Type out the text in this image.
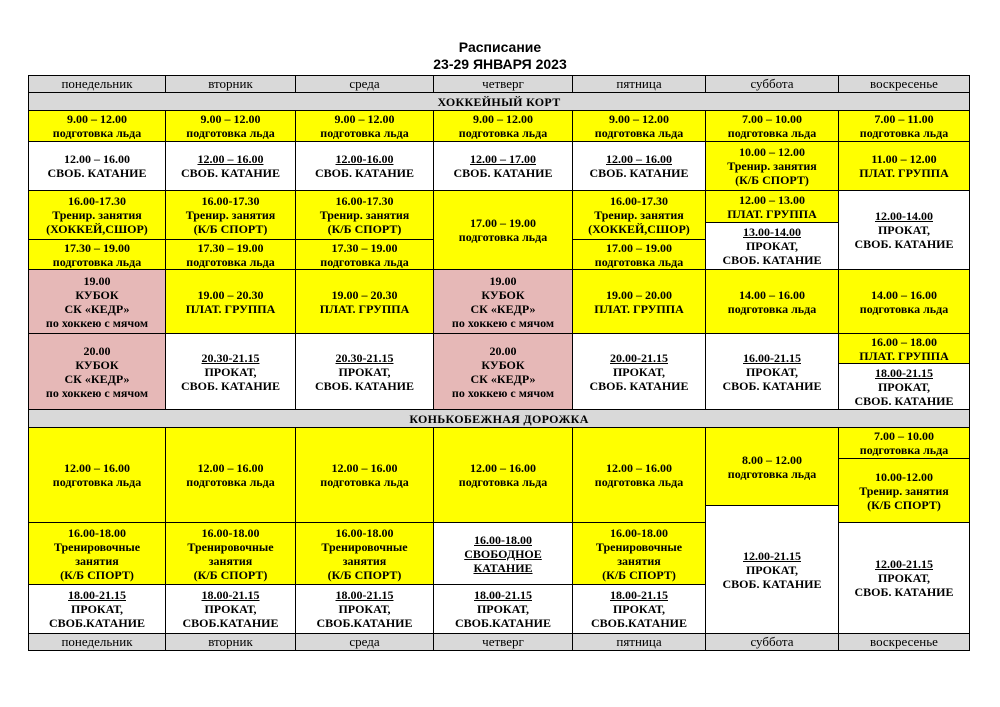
Расписание
23-29 ЯНВАРЯ 2023
понедельник	вторник	среда	четверг	пятница	суббота	воскресенье
ХОККЕЙНЫЙ КОРТ						

9.00 – 12.00
подготовка льда	9.00 – 12.00
подготовка льда	9.00 – 12.00
подготовка льда	9.00 – 12.00
подготовка льда	9.00 – 12.00
подготовка льда	7.00 – 10.00
подготовка льда	7.00 – 11.00
подготовка льда

12.00 – 16.00
СВОБ. КАТАНИЕ	12.00 – 16.00
СВОБ. КАТАНИЕ	12.00-16.00
СВОБ. КАТАНИЕ	12.00 – 17.00
СВОБ. КАТАНИЕ	12.00 – 16.00
СВОБ. КАТАНИЕ	10.00 – 12.00
Тренир. занятия
(К/Б СПОРТ)	11.00 – 12.00
ПЛАТ. ГРУППА

16.00-17.30
Тренир. занятия
(ХОККЕЙ,СШОР)	16.00-17.30
Тренир. занятия
(К/Б СПОРТ)	16.00-17.30
Тренир. занятия
(К/Б СПОРТ)	17.00 – 19.00
подготовка льда	16.00-17.30
Тренир. занятия
(ХОККЕЙ,СШОР)	12.00 – 13.00
ПЛАТ. ГРУППА	12.00-14.00
ПРОКАТ,
СВОБ. КАТАНИЕ

					13.00-14.00
ПРОКАТ,
СВОБ. КАТАНИЕ	

17.30 – 19.00
подготовка льда	17.30 – 19.00
подготовка льда	17.30 – 19.00
подготовка льда		17.00 – 19.00
подготовка льда		

19.00
КУБОК
СК «КЕДР»
по хоккею с мячом	19.00 – 20.30
ПЛАТ. ГРУППА	19.00 – 20.30
ПЛАТ. ГРУППА	19.00
КУБОК
СК «КЕДР»
по хоккею с мячом	19.00 – 20.00
ПЛАТ. ГРУППА	14.00 – 16.00
подготовка льда	14.00 – 16.00
подготовка льда

20.00
КУБОК
СК «КЕДР»
по хоккею с мячом	20.30-21.15
ПРОКАТ,
СВОБ. КАТАНИЕ	20.30-21.15
ПРОКАТ,
СВОБ. КАТАНИЕ	20.00
КУБОК
СК «КЕДР»
по хоккею с мячом	20.00-21.15
ПРОКАТ,
СВОБ. КАТАНИЕ	16.00-21.15
ПРОКАТ,
СВОБ. КАТАНИЕ	16.00 – 18.00
ПЛАТ. ГРУППА

						18.00-21.15
ПРОКАТ,
СВОБ. КАТАНИЕ

КОНЬКОБЕЖНАЯ ДОРОЖКА						

12.00 – 16.00
подготовка льда	12.00 – 16.00
подготовка льда	12.00 – 16.00
подготовка льда	12.00 – 16.00
подготовка льда	12.00 – 16.00
подготовка льда	8.00 – 12.00
подготовка льда	7.00 – 10.00
подготовка льда

						10.00-12.00
Тренир. занятия
(К/Б СПОРТ)

					12.00-21.15
ПРОКАТ,
СВОБ. КАТАНИЕ	

16.00-18.00
Тренировочные
занятия
(К/Б СПОРТ)	16.00-18.00
Тренировочные
занятия
(К/Б СПОРТ)	16.00-18.00
Тренировочные
занятия
(К/Б СПОРТ)	16.00-18.00
СВОБОДНОЕ
КАТАНИЕ	16.00-18.00
Тренировочные
занятия
(К/Б СПОРТ)		12.00-21.15
ПРОКАТ,
СВОБ. КАТАНИЕ

18.00-21.15
ПРОКАТ,
СВОБ.КАТАНИЕ	18.00-21.15
ПРОКАТ,
СВОБ.КАТАНИЕ	18.00-21.15
ПРОКАТ,
СВОБ.КАТАНИЕ	18.00-21.15
ПРОКАТ,
СВОБ.КАТАНИЕ	18.00-21.15
ПРОКАТ,
СВОБ.КАТАНИЕ		

понедельник	вторник	среда	четверг	пятница	суббота	воскресенье
